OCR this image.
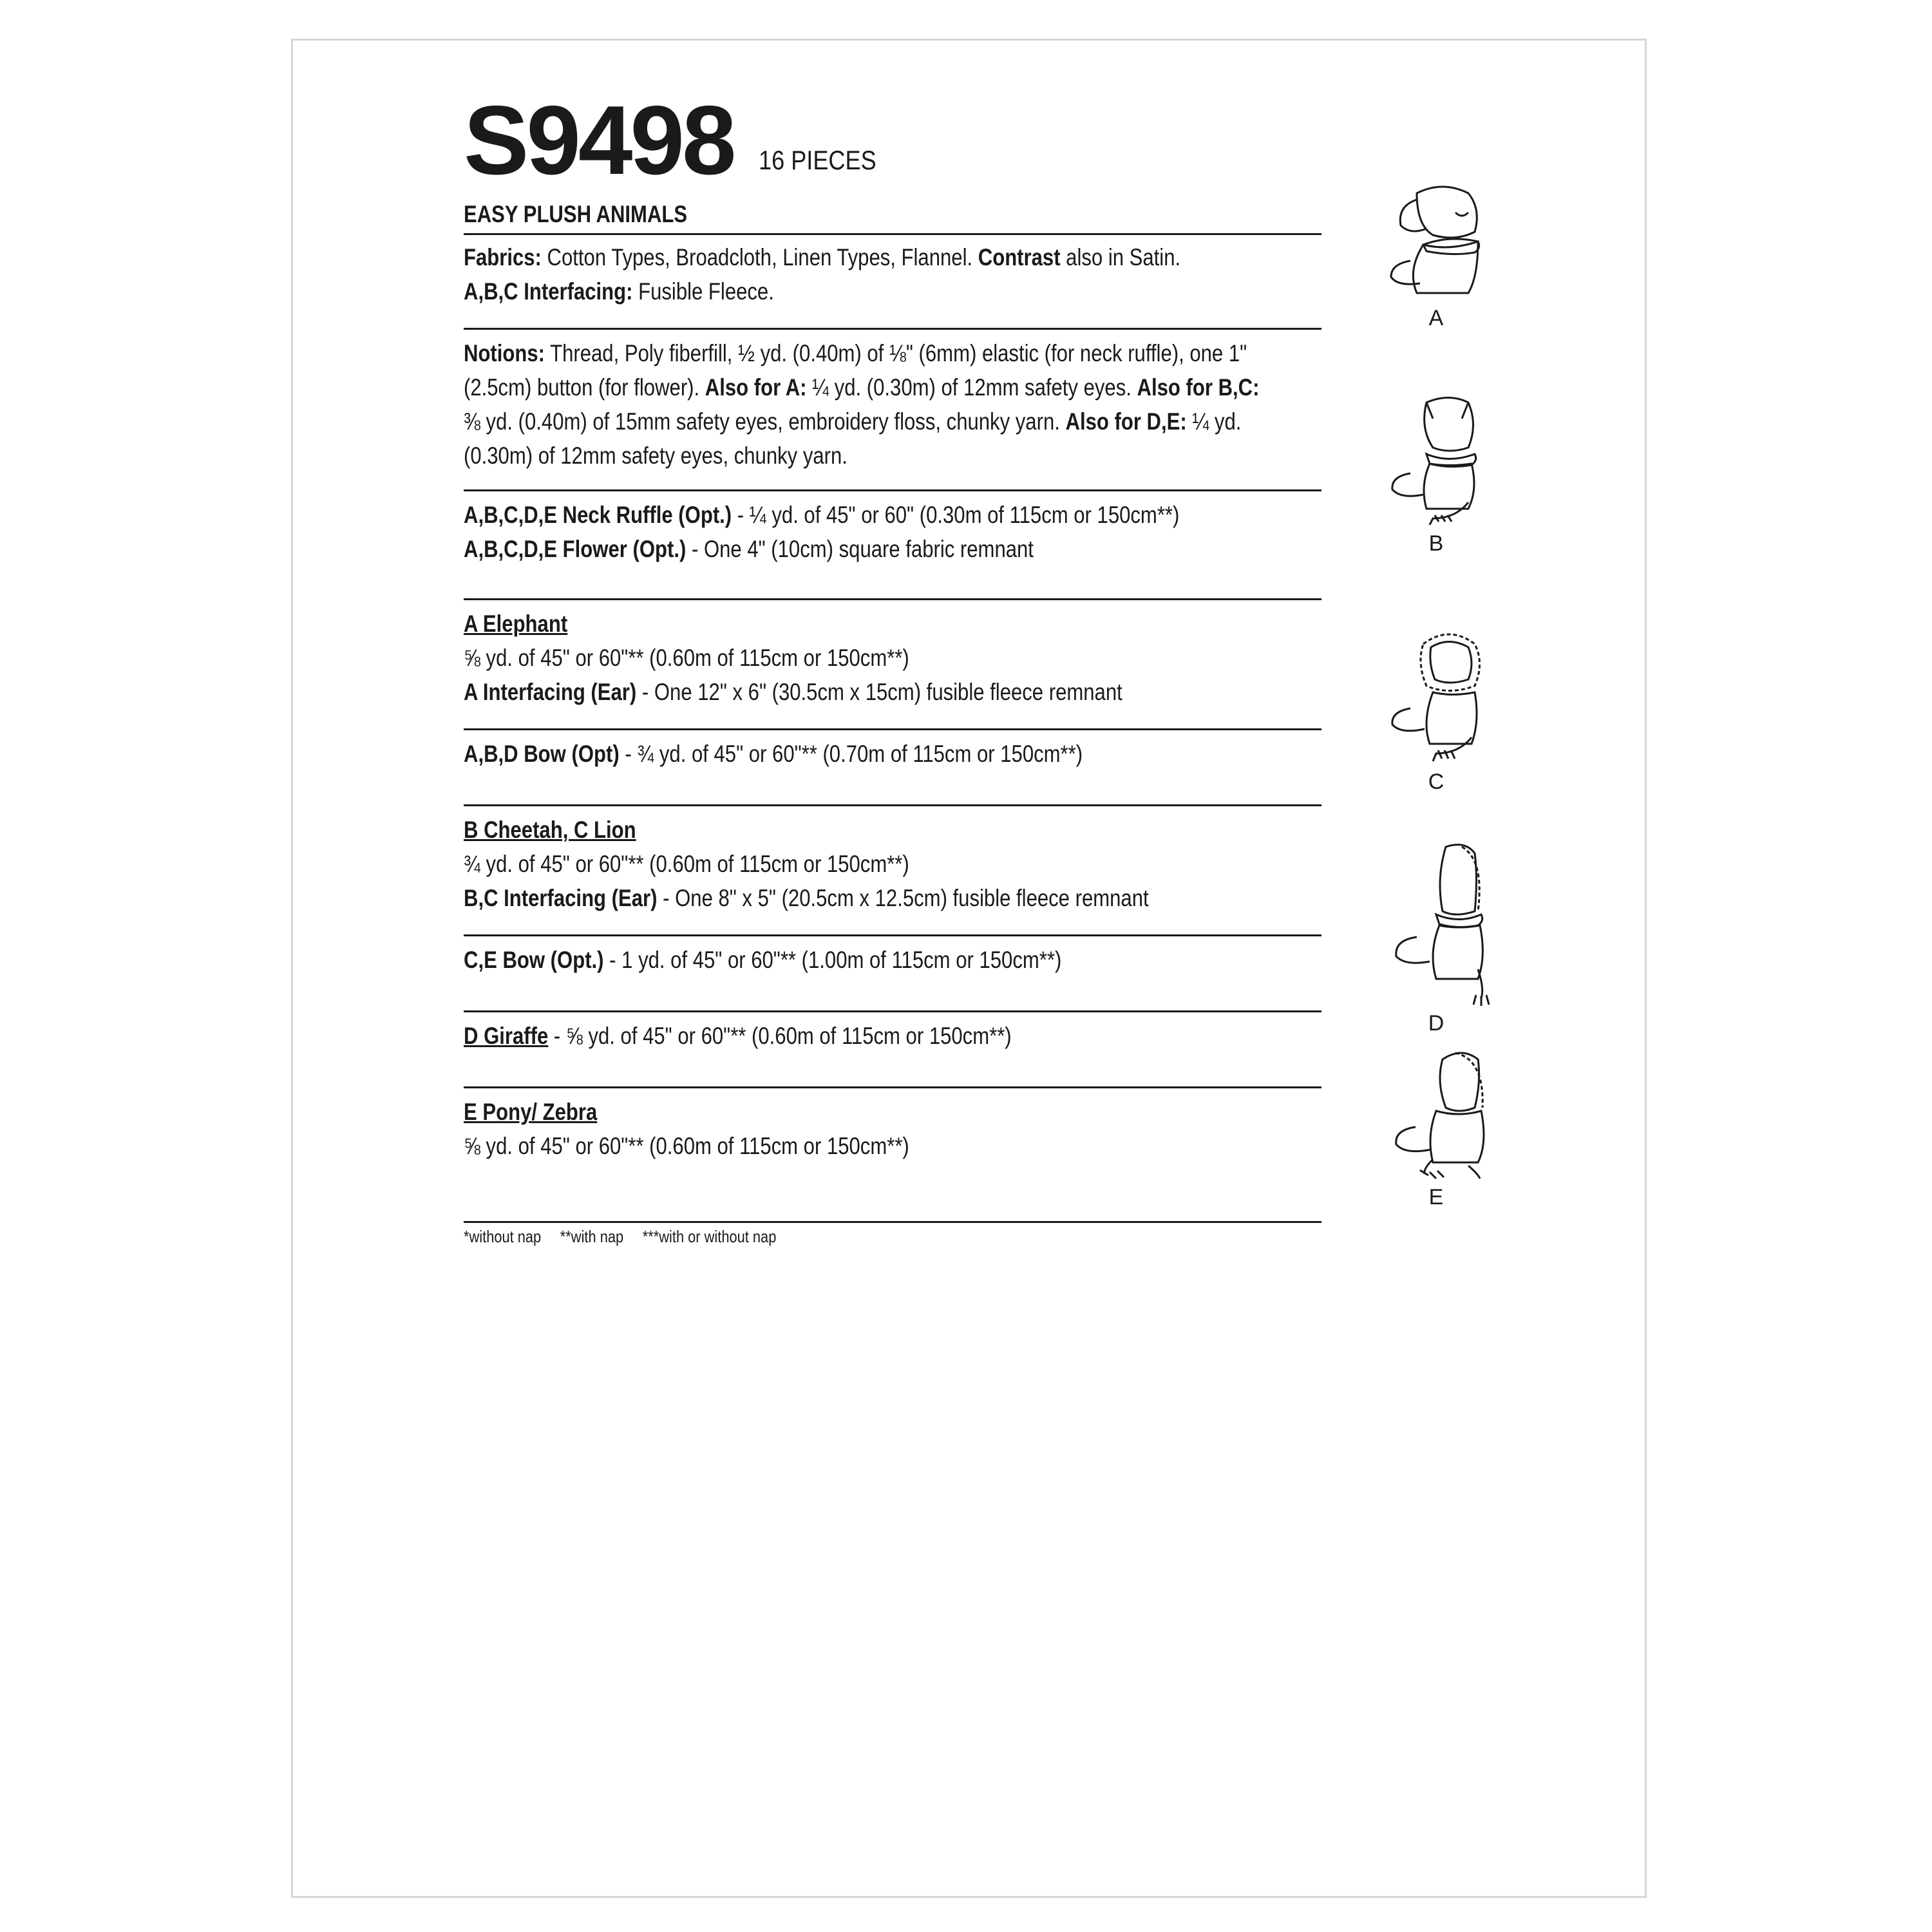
S9498 16 PIECES
EASY PLUSH ANIMALS
Fabrics: Cotton Types, Broadcloth, Linen Types, Flannel. Contrast also in Satin.
A,B,C Interfacing: Fusible Fleece.
Notions: Thread, Poly fiberfill, ½ yd. (0.40m) of ⅛" (6mm) elastic (for neck ruffle), one 1"
(2.5cm) button (for flower). Also for A: ¼ yd. (0.30m) of 12mm safety eyes. Also for B,C:
⅜ yd. (0.40m) of 15mm safety eyes, embroidery floss, chunky yarn. Also for D,E: ¼ yd.
(0.30m) of 12mm safety eyes, chunky yarn.
A,B,C,D,E Neck Ruffle (Opt.) - ¼ yd. of 45" or 60" (0.30m of 115cm or 150cm**)
A,B,C,D,E Flower (Opt.) - One 4" (10cm) square fabric remnant
A Elephant
⅝ yd. of 45" or 60"** (0.60m of 115cm or 150cm**)
A Interfacing (Ear) - One 12" x 6" (30.5cm x 15cm) fusible fleece remnant
A,B,D Bow (Opt) - ¾ yd. of 45" or 60"** (0.70m of 115cm or 150cm**)
B Cheetah, C Lion
¾ yd. of 45" or 60"** (0.60m of 115cm or 150cm**)
B,C Interfacing (Ear) - One 8" x 5" (20.5cm x 12.5cm) fusible fleece remnant
C,E Bow (Opt.) - 1 yd. of 45" or 60"** (1.00m of 115cm or 150cm**)
D Giraffe - ⅝ yd. of 45" or 60"** (0.60m of 115cm or 150cm**)
E Pony/ Zebra
⅝ yd. of 45" or 60"** (0.60m of 115cm or 150cm**)
*without nap **with nap ***with or without nap
A
B
C
D
E
